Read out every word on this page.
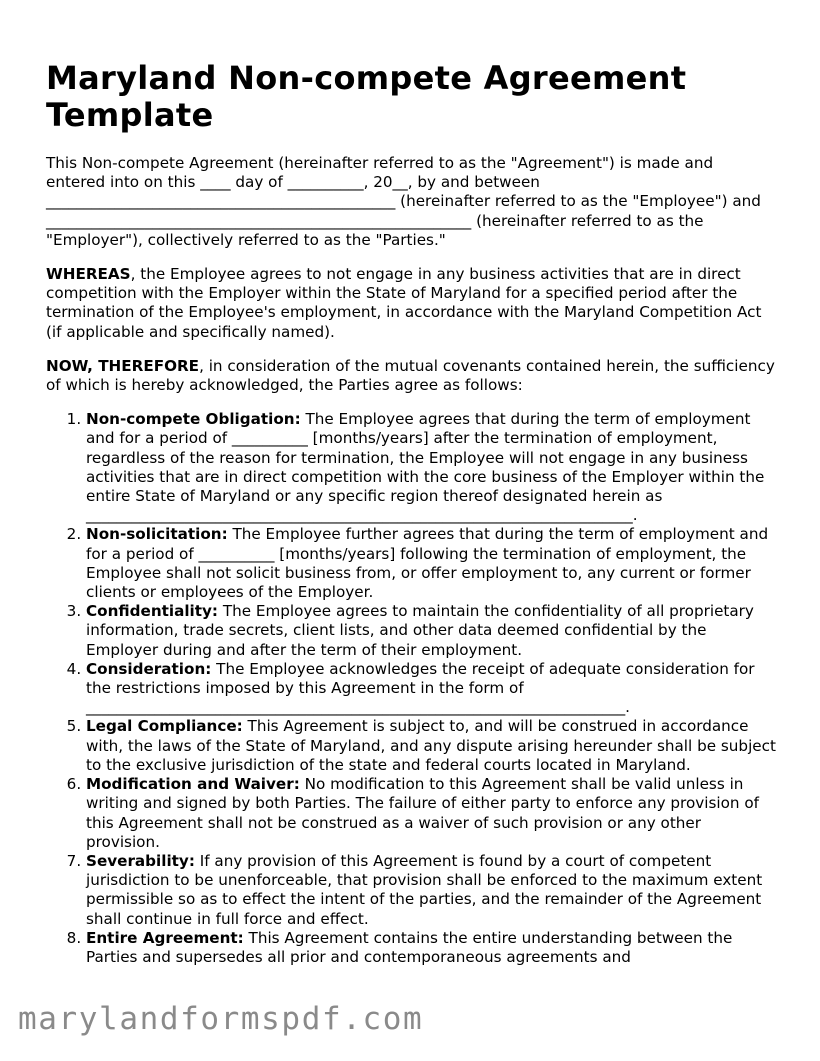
Maryland Non-compete Agreement Template

This Non-compete Agreement (hereinafter referred to as the "Agreement") is made and entered into on this ____ day of __________, 20__, by and between ______________________________________________ (hereinafter referred to as the "Employee") and ________________________________________________________ (hereinafter referred to as the "Employer"), collectively referred to as the "Parties."

WHEREAS, the Employee agrees to not engage in any business activities that are in direct competition with the Employer within the State of Maryland for a specified period after the termination of the Employee's employment, in accordance with the Maryland Competition Act (if applicable and specifically named).

NOW, THEREFORE, in consideration of the mutual covenants contained herein, the sufficiency of which is hereby acknowledged, the Parties agree as follows:

1. Non-compete Obligation: The Employee agrees that during the term of employment and for a period of __________ [months/years] after the termination of employment, regardless of the reason for termination, the Employee will not engage in any business activities that are in direct competition with the core business of the Employer within the entire State of Maryland or any specific region thereof designated herein as ________________________________________________________________________.
2. Non-solicitation: The Employee further agrees that during the term of employment and for a period of __________ [months/years] following the termination of employment, the Employee shall not solicit business from, or offer employment to, any current or former clients or employees of the Employer.
3. Confidentiality: The Employee agrees to maintain the confidentiality of all proprietary information, trade secrets, client lists, and other data deemed confidential by the Employer during and after the term of their employment.
4. Consideration: The Employee acknowledges the receipt of adequate consideration for the restrictions imposed by this Agreement in the form of _______________________________________________________________________.
5. Legal Compliance: This Agreement is subject to, and will be construed in accordance with, the laws of the State of Maryland, and any dispute arising hereunder shall be subject to the exclusive jurisdiction of the state and federal courts located in Maryland.
6. Modification and Waiver: No modification to this Agreement shall be valid unless in writing and signed by both Parties. The failure of either party to enforce any provision of this Agreement shall not be construed as a waiver of such provision or any other provision.
7. Severability: If any provision of this Agreement is found by a court of competent jurisdiction to be unenforceable, that provision shall be enforced to the maximum extent permissible so as to effect the intent of the parties, and the remainder of the Agreement shall continue in full force and effect.
8. Entire Agreement: This Agreement contains the entire understanding between the Parties and supersedes all prior and contemporaneous agreements and
marylandformspdf.com
